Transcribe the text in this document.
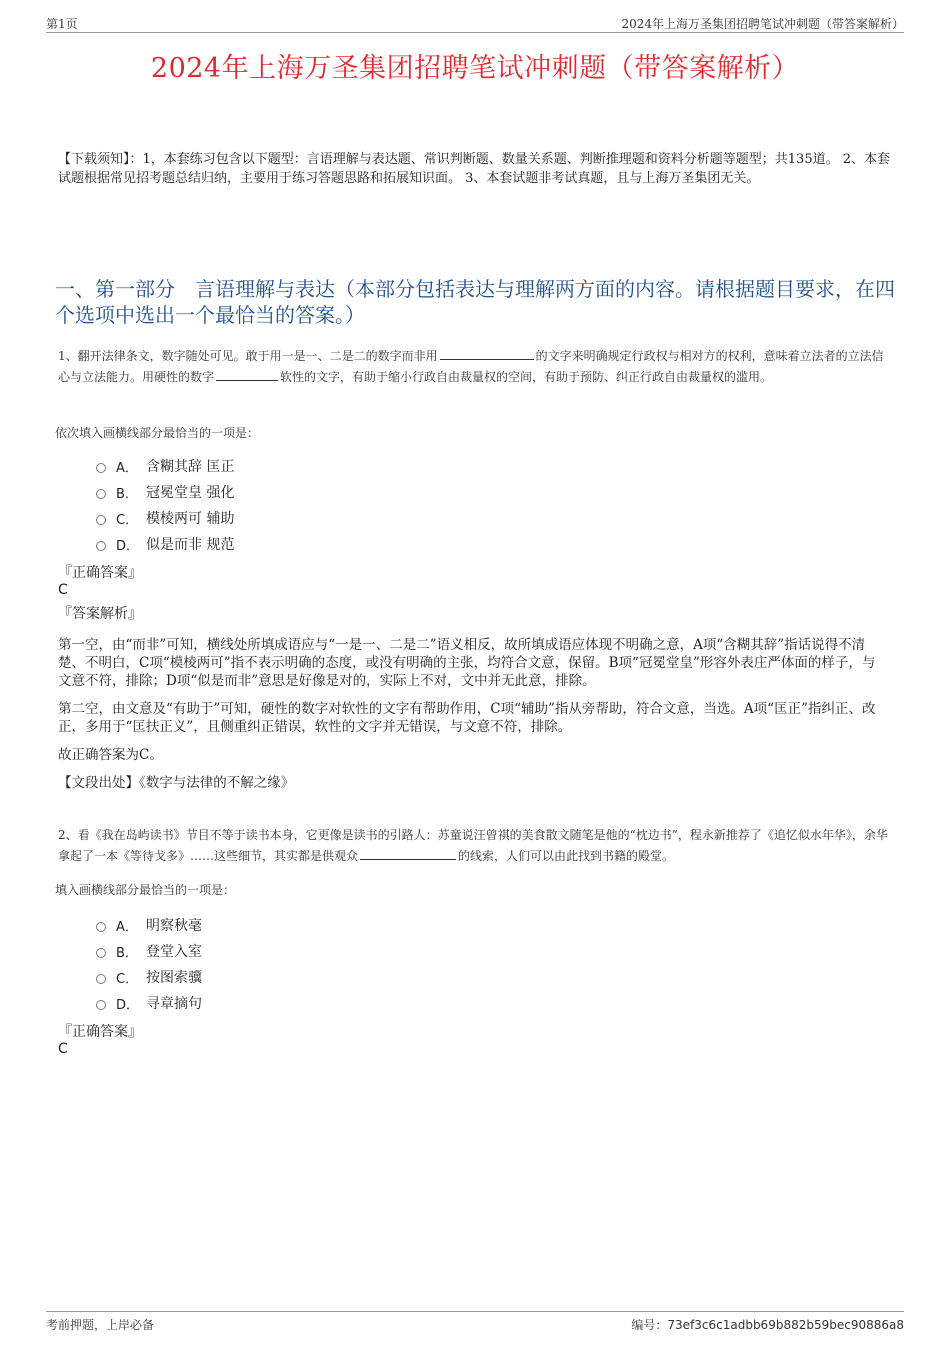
第1页	2024年上海万圣集团招聘笔试冲刺题（带答案解析）
2024年上海万圣集团招聘笔试冲刺题（带答案解析）
【下载须知】：1，本套练习包含以下题型：言语理解与表达题、常识判断题、数量关系题、判断推理题和资料分析题等题型；共135道。 2、本套试题根据常见招考题总结归纳，主要用于练习答题思路和拓展知识面。 3、本套试题非考试真题，且与上海万圣集团无关。
一、第一部分　言语理解与表达（本部分包括表达与理解两方面的内容。请根据题目要求，在四个选项中选出一个最恰当的答案。）
1、翻开法律条文，数字随处可见。敢于用一是一、二是二的数字而非用	的文字来明确规定行政权与相对方的权利，意味着立法者的立法信心与立法能力。用硬性的数字	软性的文字，有助于缩小行政自由裁量权的空间，有助于预防、纠正行政自由裁量权的滥用。
依次填入画横线部分最恰当的一项是：
A． 含糊其辞 匡正
B． 冠冕堂皇 强化
C． 模棱两可 辅助
D． 似是而非 规范
『正确答案』
C
『答案解析』

第一空，由“而非”可知，横线处所填成语应与“一是一、二是二”语义相反，故所填成语应体现不明确之意，A项“含糊其辞”指话说得不清楚、不明白，C项“模棱两可”指不表示明确的态度，或没有明确的主张，均符合文意，保留。B项“冠冕堂皇”形容外表庄严体面的样子，与文意不符，排除；D项“似是而非”意思是好像是对的，实际上不对，文中并无此意，排除。

第二空，由文意及“有助于”可知，硬性的数字对软性的文字有帮助作用，C项“辅助”指从旁帮助，符合文意，当选。A项“匡正”指纠正、改正，多用于“匡扶正义”，且侧重纠正错误，软性的文字并无错误，与文意不符，排除。

故正确答案为C。

【文段出处】《数字与法律的不解之缘》

2、看《我在岛屿读书》节目不等于读书本身，它更像是读书的引路人：苏童说汪曾祺的美食散文随笔是他的“枕边书”，程永新推荐了《追忆似水年华》，余华拿起了一本《等待戈多》……这些细节，其实都是供观众	的线索，人们可以由此找到书籍的殿堂。
填入画横线部分最恰当的一项是：
A． 明察秋毫
B． 登堂入室
C． 按图索骥
D． 寻章摘句
『正确答案』
C
考前押题，上岸必备	编号：73ef3c6c1adbb69b882b59bec90886a8
